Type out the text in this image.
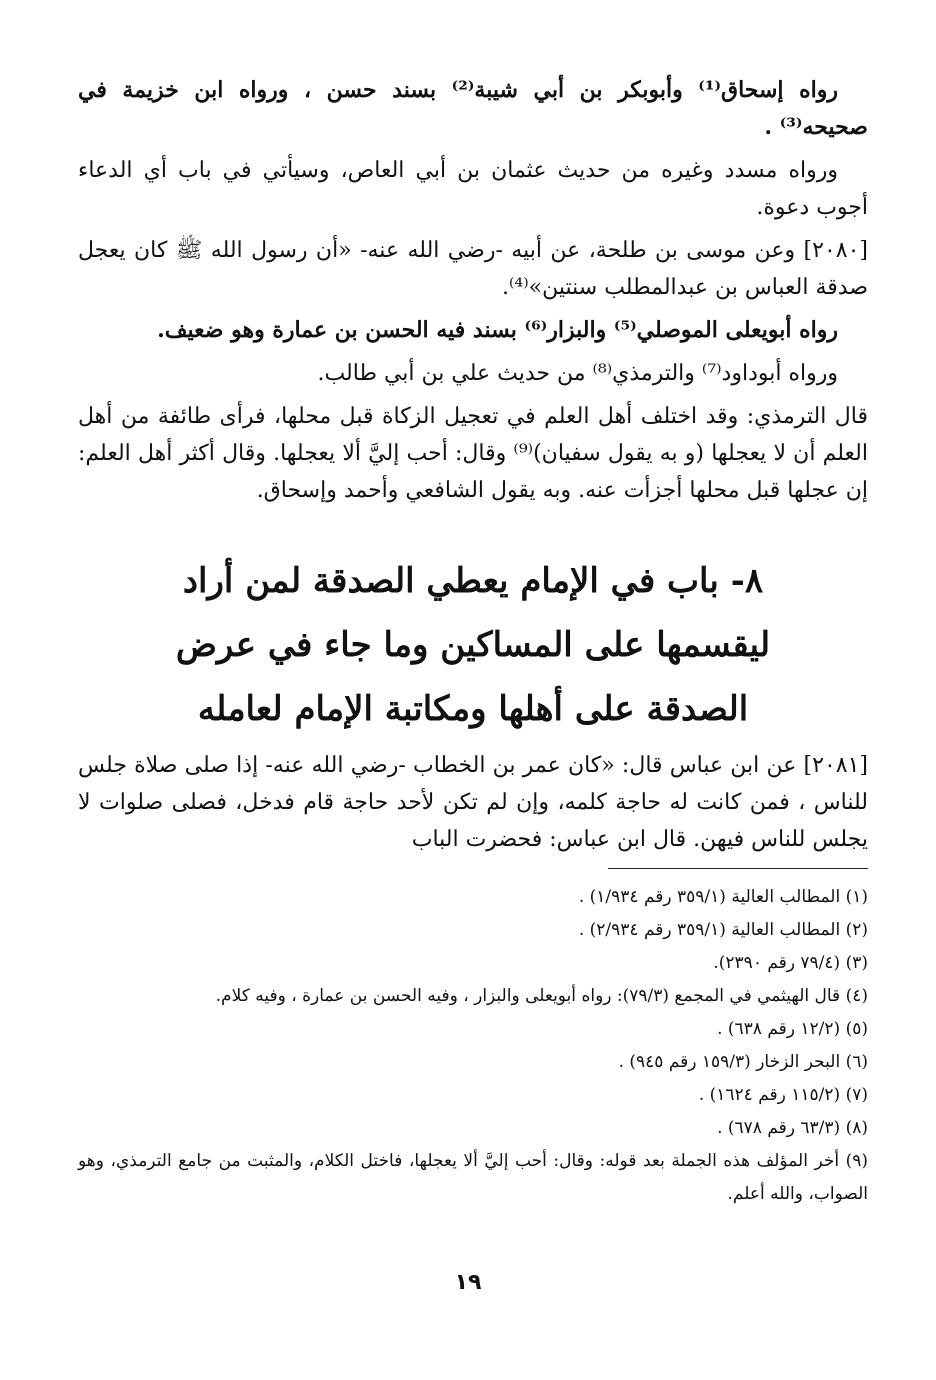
رواه إسحاق⁽¹⁾ وأبوبكر بن أبي شيبة⁽²⁾ بسند حسن ، ورواه ابن خزيمة في صحيحه⁽³⁾ .

ورواه مسدد وغيره من حديث عثمان بن أبي العاص، وسيأتي في باب أي الدعاء أجوب دعوة.

[٢٠٨٠] وعن موسى بن طلحة، عن أبيه -رضي الله عنه- «أن رسول الله ﷺ كان يعجل صدقة العباس بن عبدالمطلب سنتين»⁽⁴⁾.

رواه أبويعلى الموصلي⁽⁵⁾ والبزار⁽⁶⁾ بسند فيه الحسن بن عمارة وهو ضعيف.

ورواه أبوداود⁽⁷⁾ والترمذي⁽⁸⁾ من حديث علي بن أبي طالب.

قال الترمذي: وقد اختلف أهل العلم في تعجيل الزكاة قبل محلها، فرأى طائفة من أهل العلم أن لا يعجلها (و به يقول سفيان)⁽⁹⁾ وقال: أحب إليَّ ألا يعجلها. وقال أكثر أهل العلم: إن عجلها قبل محلها أجزأت عنه. وبه يقول الشافعي وأحمد وإسحاق.

٨- باب في الإمام يعطي الصدقة لمن أراد
ليقسمها على المساكين وما جاء في عرض
الصدقة على أهلها ومكاتبة الإمام لعامله

[٢٠٨١] عن ابن عباس قال: «كان عمر بن الخطاب -رضي الله عنه- إذا صلى صلاة جلس للناس ، فمن كانت له حاجة كلمه، وإن لم تكن لأحد حاجة قام فدخل، فصلى صلوات لا يجلس للناس فيهن. قال ابن عباس: فحضرت الباب

(١) المطالب العالية (٣٥٩/١ رقم ١/٩٣٤) .
(٢) المطالب العالية (٣٥٩/١ رقم ٢/٩٣٤) .
(٣) (٧٩/٤ رقم ٢٣٩٠).
(٤) قال الهيثمي في المجمع (٧٩/٣): رواه أبويعلى والبزار ، وفيه الحسن بن عمارة ، وفيه كلام.
(٥) (١٢/٢ رقم ٦٣٨) .
(٦) البحر الزخار (١٥٩/٣ رقم ٩٤٥) .
(٧) (١١٥/٢ رقم ١٦٢٤) .
(٨) (٦٣/٣ رقم ٦٧٨) .
(٩) أخر المؤلف هذه الجملة بعد قوله: وقال: أحب إليَّ ألا يعجلها، فاختل الكلام، والمثبت من جامع الترمذي، وهو الصواب، والله أعلم.
١٩
